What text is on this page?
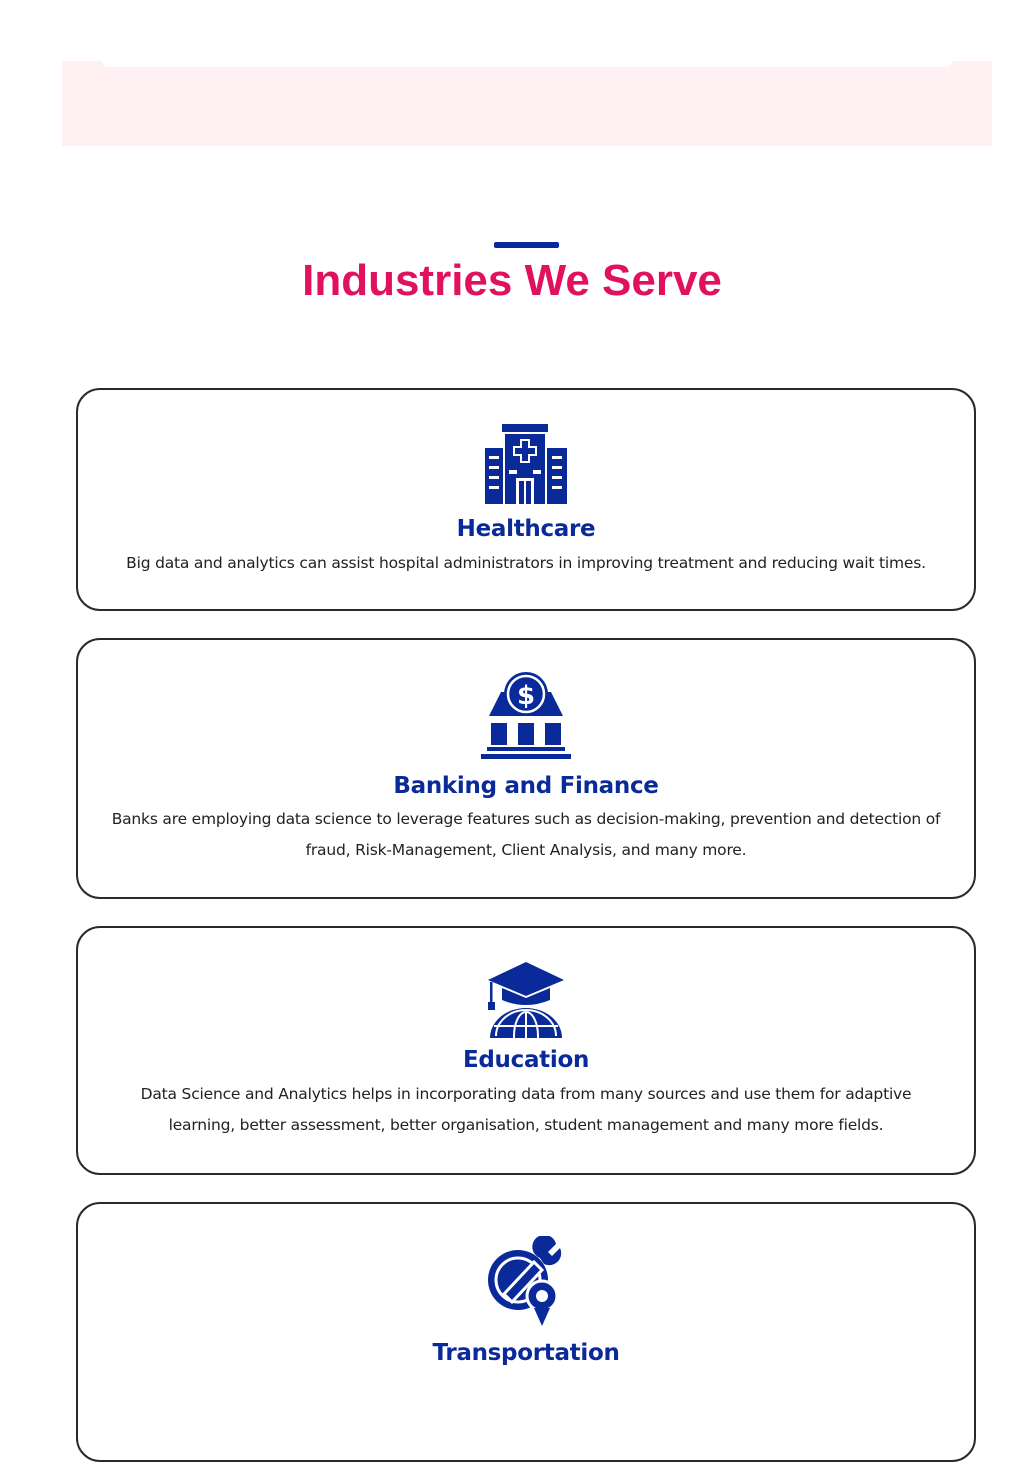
Industries We Serve
Healthcare

Big data and analytics can assist hospital administrators in improving treatment and reducing wait times.

$
Banking and Finance

Banks are employing data science to leverage features such as decision-making, prevention and detection of fraud, Risk-Management, Client Analysis, and many more.

Education

Data Science and Analytics helps in incorporating data from many sources and use them for adaptive learning, better assessment, better organisation, student management and many more fields.

Transportation
